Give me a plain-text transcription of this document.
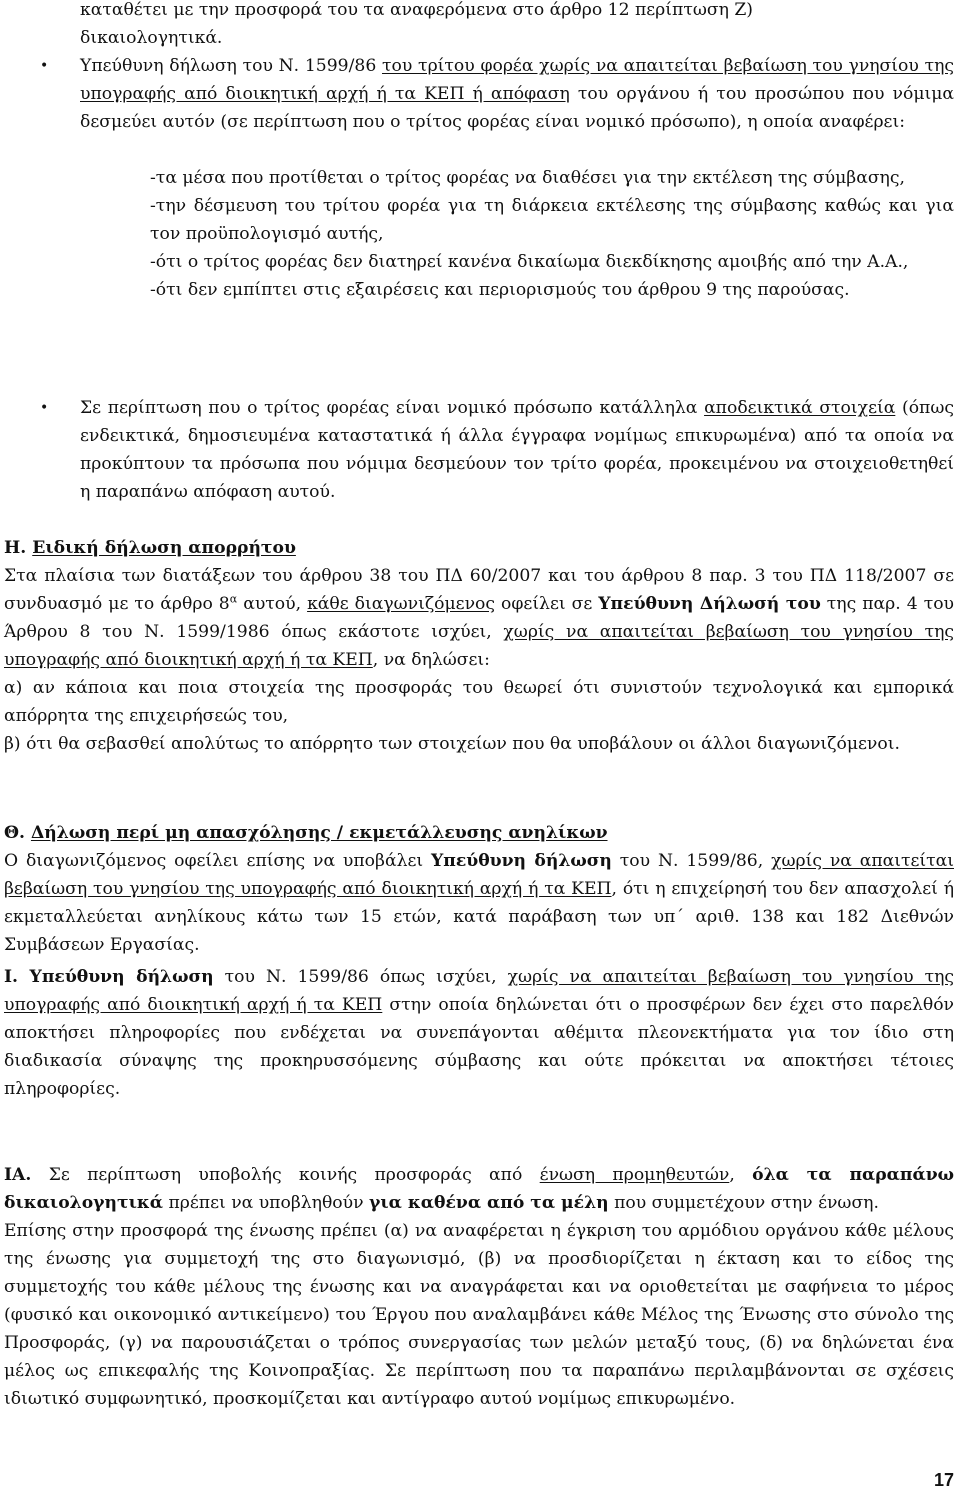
καταθέτει με την προσφορά του τα αναφερόμενα στο άρθρο 12 περίπτωση Ζ)

δικαιολογητικά.

• Υπεύθυνη δήλωση του Ν. 1599/86 του τρίτου φορέα χωρίς να απαιτείται βεβαίωση του γνησίου της υπογραφής από διοικητική αρχή ή τα ΚΕΠ ή απόφαση του οργάνου ή του προσώπου που νόμιμα δεσμεύει αυτόν (σε περίπτωση που ο τρίτος φορέας είναι νομικό πρόσωπο), η οποία αναφέρει:

-τα μέσα που προτίθεται ο τρίτος φορέας να διαθέσει για την εκτέλεση της σύμβασης,

-την δέσμευση του τρίτου φορέα για τη διάρκεια εκτέλεσης της σύμβασης καθώς και για τον προϋπολογισμό αυτής,

-ότι ο τρίτος φορέας δεν διατηρεί κανένα δικαίωμα διεκδίκησης αμοιβής από την Α.Α.,

-ότι δεν εμπίπτει στις εξαιρέσεις και περιορισμούς του άρθρου 9 της παρούσας.

• Σε περίπτωση που ο τρίτος φορέας είναι νομικό πρόσωπο κατάλληλα αποδεικτικά στοιχεία (όπως ενδεικτικά, δημοσιευμένα καταστατικά ή άλλα έγγραφα νομίμως επικυρωμένα) από τα οποία να προκύπτουν τα πρόσωπα που νόμιμα δεσμεύουν τον τρίτο φορέα, προκειμένου να στοιχειοθετηθεί η παραπάνω απόφαση αυτού.

Η. Ειδική δήλωση απορρήτου

Στα πλαίσια των διατάξεων του άρθρου 38 του ΠΔ 60/2007 και του άρθρου 8 παρ. 3 του ΠΔ 118/2007 σε συνδυασμό με το άρθρο $8^\alpha$ αυτού, κάθε διαγωνιζόμενος οφείλει σε Υπεύθυνη Δήλωσή του της παρ. 4 του Άρθρου 8 του Ν. 1599/1986 όπως εκάστοτε ισχύει, χωρίς να απαιτείται βεβαίωση του γνησίου της υπογραφής από διοικητική αρχή ή τα ΚΕΠ, να δηλώσει:

α) αν κάποια και ποια στοιχεία της προσφοράς του θεωρεί ότι συνιστούν τεχνολογικά και εμπορικά απόρρητα της επιχειρήσεώς του,

β) ότι θα σεβασθεί απολύτως το απόρρητο των στοιχείων που θα υποβάλουν οι άλλοι διαγωνιζόμενοι.

Θ. Δήλωση περί μη απασχόλησης / εκμετάλλευσης ανηλίκων

Ο διαγωνιζόμενος οφείλει επίσης να υποβάλει Υπεύθυνη δήλωση του Ν. 1599/86, χωρίς να απαιτείται βεβαίωση του γνησίου της υπογραφής από διοικητική αρχή ή τα ΚΕΠ, ότι η επιχείρησή του δεν απασχολεί ή εκμεταλλεύεται ανηλίκους κάτω των 15 ετών, κατά παράβαση των υπ΄ αριθ. 138 και 182 Διεθνών Συμβάσεων Εργασίας.

Ι. Υπεύθυνη δήλωση του Ν. 1599/86 όπως ισχύει, χωρίς να απαιτείται βεβαίωση του γνησίου της υπογραφής από διοικητική αρχή ή τα ΚΕΠ στην οποία δηλώνεται ότι ο προσφέρων δεν έχει στο παρελθόν αποκτήσει πληροφορίες που ενδέχεται να συνεπάγονται αθέμιτα πλεονεκτήματα για τον ίδιο στη διαδικασία σύναψης της προκηρυσσόμενης σύμβασης και ούτε πρόκειται να αποκτήσει τέτοιες πληροφορίες.

ΙΑ. Σε περίπτωση υποβολής κοινής προσφοράς από ένωση προμηθευτών, όλα τα παραπάνω δικαιολογητικά πρέπει να υποβληθούν για καθένα από τα μέλη που συμμετέχουν στην ένωση.

Επίσης στην προσφορά της ένωσης πρέπει (α) να αναφέρεται η έγκριση του αρμόδιου οργάνου κάθε μέλους της ένωσης για συμμετοχή της στο διαγωνισμό, (β) να προσδιορίζεται η έκταση και το είδος της συμμετοχής του κάθε μέλους της ένωσης και να αναγράφεται και να οριοθετείται με σαφήνεια το μέρος (φυσικό και οικονομικό αντικείμενο) του Έργου που αναλαμβάνει κάθε Μέλος της Ένωσης στο σύνολο της Προσφοράς, (γ) να παρουσιάζεται ο τρόπος συνεργασίας των μελών μεταξύ τους, (δ) να δηλώνεται ένα μέλος ως επικεφαλής της Κοινοπραξίας. Σε περίπτωση που τα παραπάνω περιλαμβάνονται σε σχέσεις ιδιωτικό συμφωνητικό, προσκομίζεται και αντίγραφο αυτού νομίμως επικυρωμένο.

17
